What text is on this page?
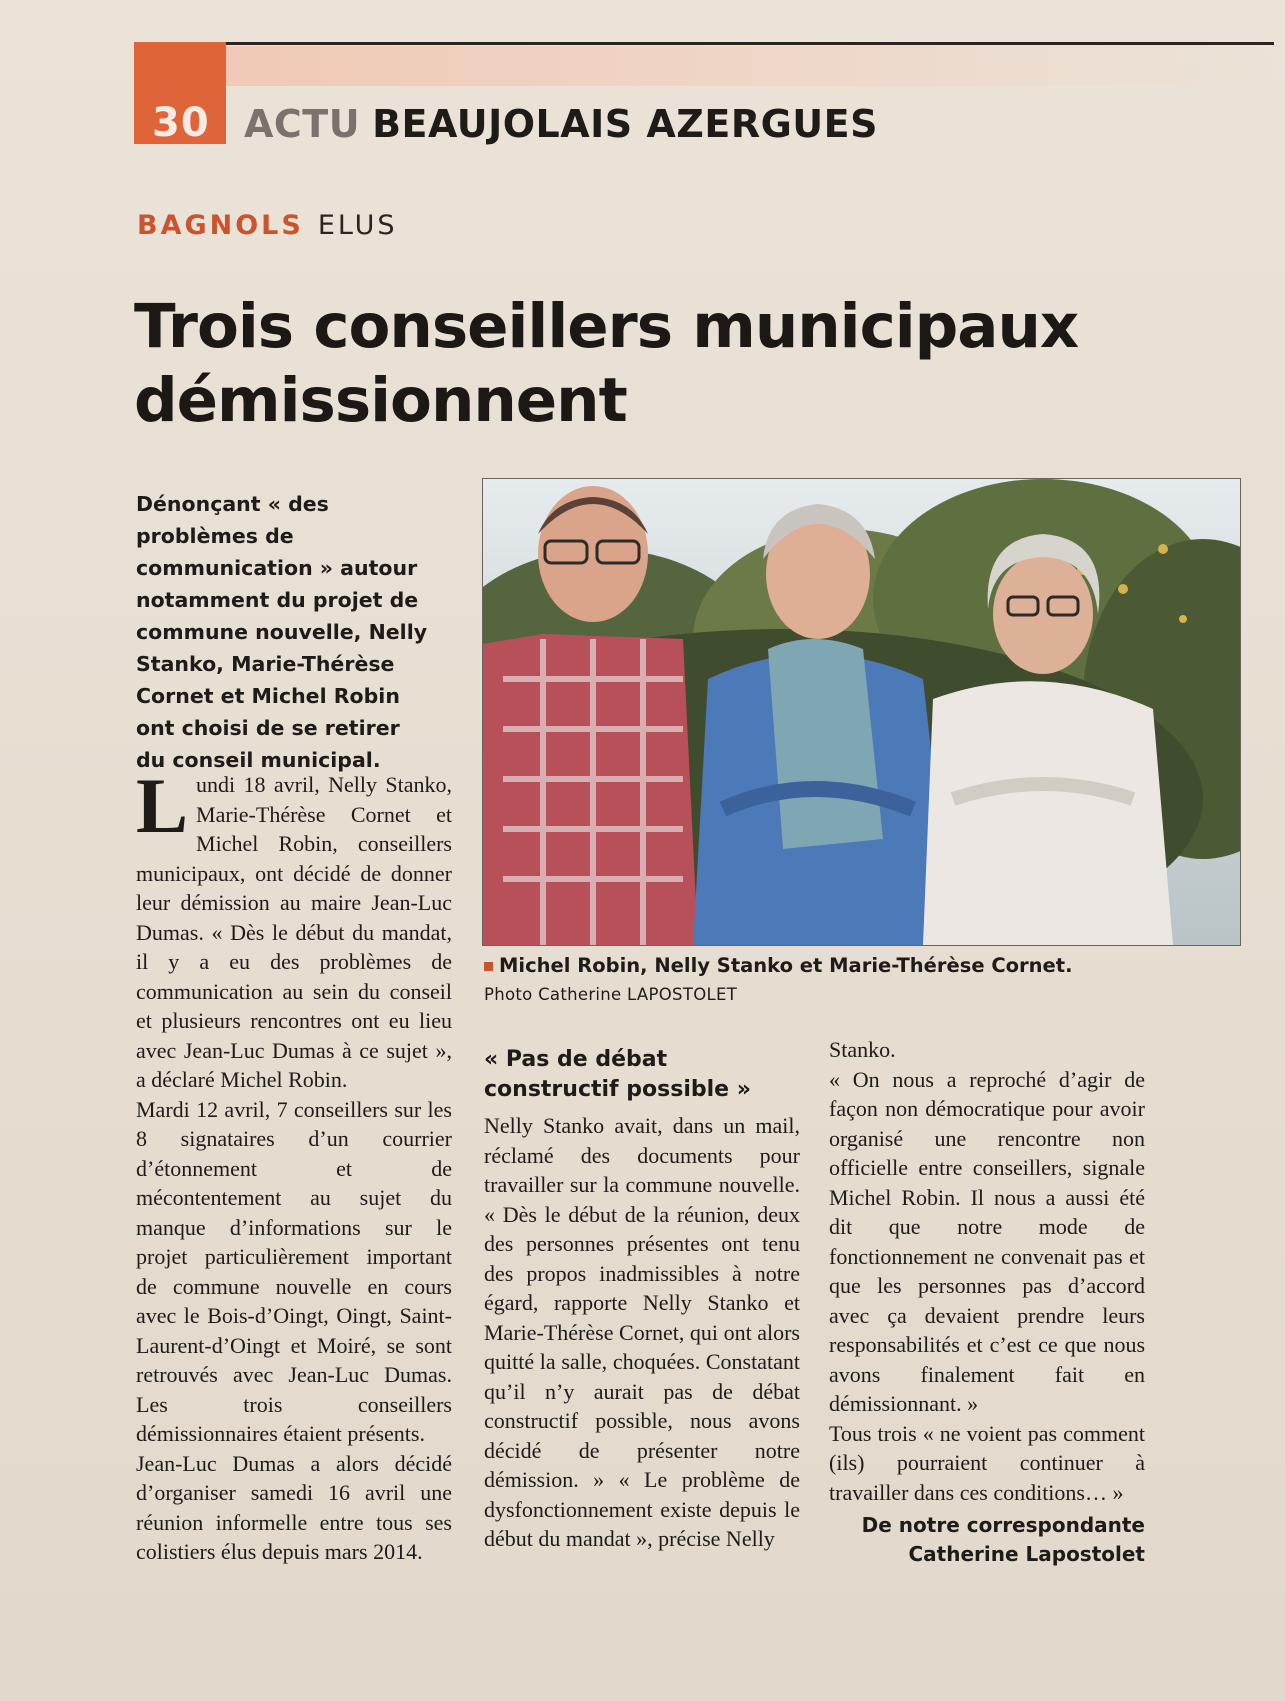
30 ACTU BEAUJOLAIS AZERGUES
BAGNOLS ELUS
Trois conseillers municipaux
démissionnent
Dénonçant « des problèmes de communication » autour notamment du projet de commune nouvelle, Nelly Stanko, Marie-Thérèse Cornet et Michel Robin ont choisi de se retirer du conseil municipal.
Michel Robin, Nelly Stanko et Marie-Thérèse Cornet. Photo Catherine LAPOSTOLET

Lundi 18 avril, Nelly Stanko, Marie-Thérèse Cornet et Michel Robin, conseillers municipaux, ont décidé de donner leur démission au maire Jean-Luc Dumas. « Dès le début du mandat, il y a eu des problèmes de communication au sein du conseil et plusieurs rencontres ont eu lieu avec Jean-Luc Dumas à ce sujet », a déclaré Michel Robin.

Mardi 12 avril, 7 conseillers sur les 8 signataires d’un courrier d’étonnement et de mécontentement au sujet du manque d’informations sur le projet particulièrement important de commune nouvelle en cours avec le Bois-d’Oingt, Oingt, Saint-Laurent-d’Oingt et Moiré, se sont retrouvés avec Jean-Luc Dumas. Les trois conseillers démissionnaires étaient présents.

Jean-Luc Dumas a alors décidé d’organiser samedi 16 avril une réunion informelle entre tous ses colistiers élus depuis mars 2014.

« Pas de débat constructif possible »

Nelly Stanko avait, dans un mail, réclamé des documents pour travailler sur la commune nouvelle. « Dès le début de la réunion, deux des personnes présentes ont tenu des propos inadmissibles à notre égard, rapporte Nelly Stanko et Marie-Thérèse Cornet, qui ont alors quitté la salle, choquées. Constatant qu’il n’y aurait pas de débat constructif possible, nous avons décidé de présenter notre démission. » « Le problème de dysfonctionnement existe depuis le début du mandat », précise Nelly

Stanko.

« On nous a reproché d’agir de façon non démocratique pour avoir organisé une rencontre non officielle entre conseillers, signale Michel Robin. Il nous a aussi été dit que notre mode de fonctionnement ne convenait pas et que les personnes pas d’accord avec ça devaient prendre leurs responsabilités et c’est ce que nous avons finalement fait en démissionnant. »

Tous trois « ne voient pas comment (ils) pourraient continuer à travailler dans ces conditions… »

De notre correspondante
Catherine Lapostolet
